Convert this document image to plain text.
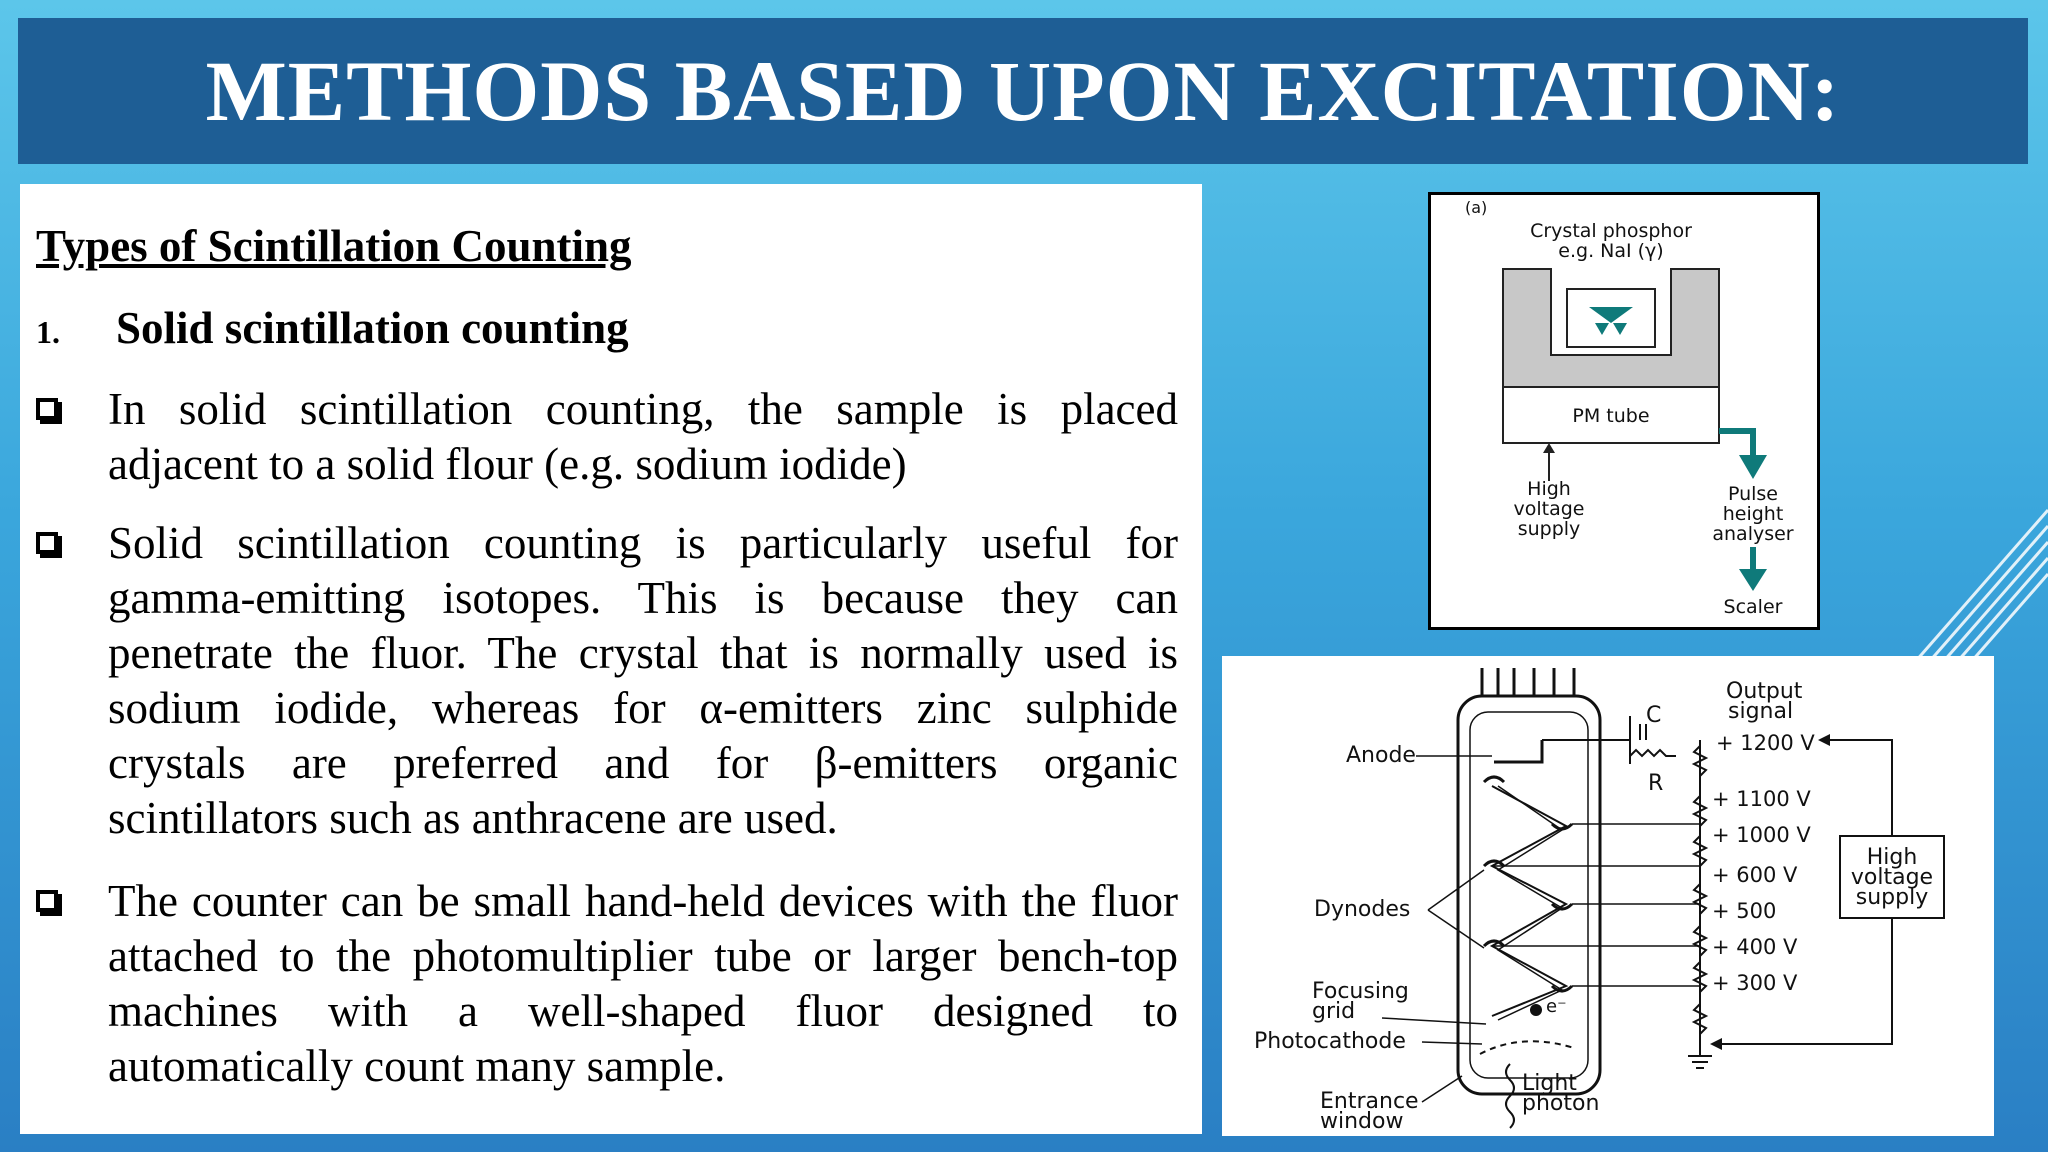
METHODS BASED UPON EXCITATION:
Types of Scintillation Counting
1. Solid scintillation counting
In solid scintillation counting, the sample is placed adjacent to a solid flour (e.g. sodium iodide)
Solid scintillation counting is particularly useful for gamma-emitting isotopes. This is because they can penetrate the fluor. The crystal that is normally used is sodium iodide, whereas for α-emitters zinc sulphide crystals are preferred and for β-emitters organic scintillators such as anthracene are used.
The counter can be small hand-held devices with the fluor attached to the photomultiplier tube or larger bench-top machines with a well-shaped fluor designed to automatically count many sample.
(a)
Crystal phosphor
e.g. NaI (γ)
PM tube
High
voltage
supply
Pulse
height
analyser
Scaler
e⁻
Anode
Dynodes
Focusing
grid
Photocathode
Entrance
window
Light
photon
C
R
Output
signal
+ 1200 V
+ 1100 V
+ 1000 V
+ 600 V
+ 500
+ 400 V
+ 300 V
High
voltage
supply
